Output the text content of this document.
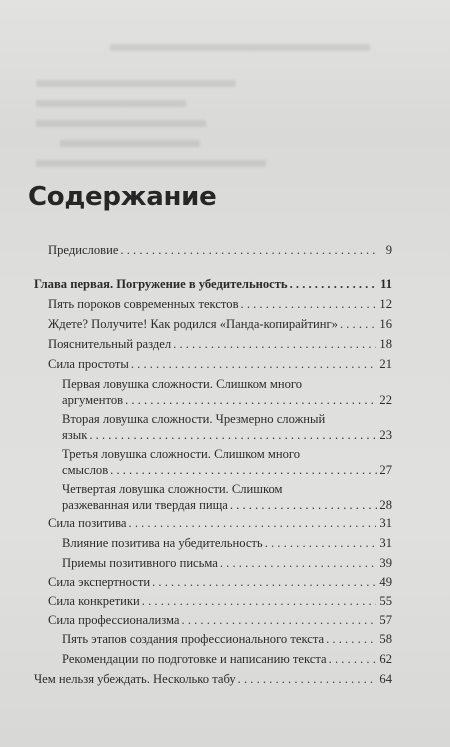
Содержание
Предисловие . . .	9
Глава первая. Погружение в убедительность . . .	11
Пять пороков современных текстов . . .	12
Ждете? Получите! Как родился «Панда-копирайтинг» . . .	16
Пояснительный раздел . . .	18
Сила простоты . . .	21
Первая ловушка сложности. Слишком много
аргументов . . .	22
Вторая ловушка сложности. Чрезмерно сложный
язык . . .	23
Третья ловушка сложности. Слишком много
смыслов . . .	27
Четвертая ловушка сложности. Слишком
разжеванная или твердая пища . . .	28
Сила позитива . . .	31
Влияние позитива на убедительность . . .	31
Приемы позитивного письма . . .	39
Сила экспертности . . .	49
Сила конкретики . . .	55
Сила профессионализма . . .	57
Пять этапов создания профессионального текста . . .	58
Рекомендации по подготовке и написанию текста . . .	62
Чем нельзя убеждать. Несколько табу . . .	64
